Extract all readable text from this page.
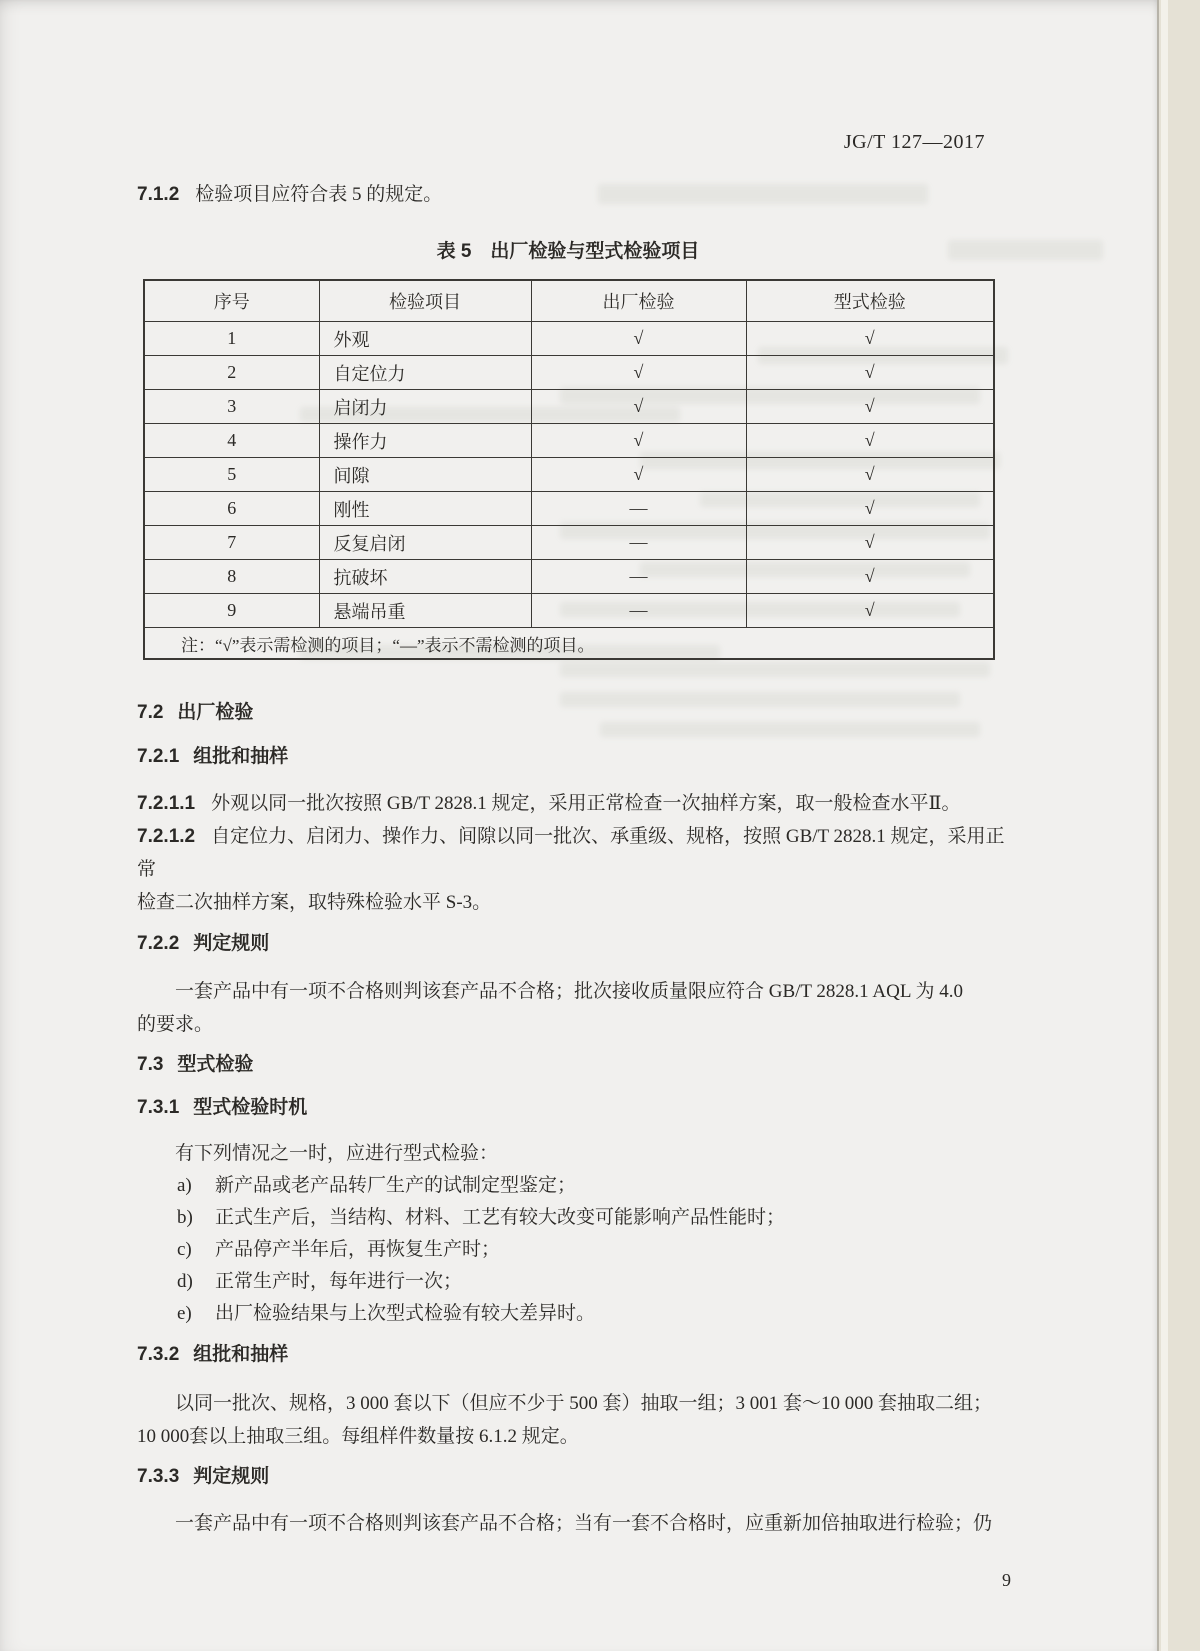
JG/T 127—2017

7.1.2 检验项目应符合表 5 的规定。

表 5　出厂检验与型式检验项目
序号	检验项目	出厂检验	型式检验
1	外观	√	√
2	自定位力	√	√
3	启闭力	√	√
4	操作力	√	√
5	间隙	√	√
6	刚性	—	√
7	反复启闭	—	√
8	抗破坏	—	√
9	悬端吊重	—	√
注：“√”表示需检测的项目；“—”表示不需检测的项目。			

7.2 出厂检验

7.2.1 组批和抽样

7.2.1.1 外观以同一批次按照 GB/T 2828.1 规定，采用正常检查一次抽样方案，取一般检查水平Ⅱ。

7.2.1.2 自定位力、启闭力、操作力、间隙以同一批次、承重级、规格，按照 GB/T 2828.1 规定，采用正常

检查二次抽样方案，取特殊检验水平 S-3。

7.2.2 判定规则

一套产品中有一项不合格则判该套产品不合格；批次接收质量限应符合 GB/T 2828.1 AQL 为 4.0

的要求。

7.3 型式检验

7.3.1 型式检验时机

有下列情况之一时，应进行型式检验：

a) 新产品或老产品转厂生产的试制定型鉴定；
b) 正式生产后，当结构、材料、工艺有较大改变可能影响产品性能时；
c) 产品停产半年后，再恢复生产时；
d) 正常生产时，每年进行一次；
e) 出厂检验结果与上次型式检验有较大差异时。

7.3.2 组批和抽样

以同一批次、规格，3 000 套以下（但应不少于 500 套）抽取一组；3 001 套～10 000 套抽取二组；

10 000套以上抽取三组。每组样件数量按 6.1.2 规定。

7.3.3 判定规则

一套产品中有一项不合格则判该套产品不合格；当有一套不合格时，应重新加倍抽取进行检验；仍

9
